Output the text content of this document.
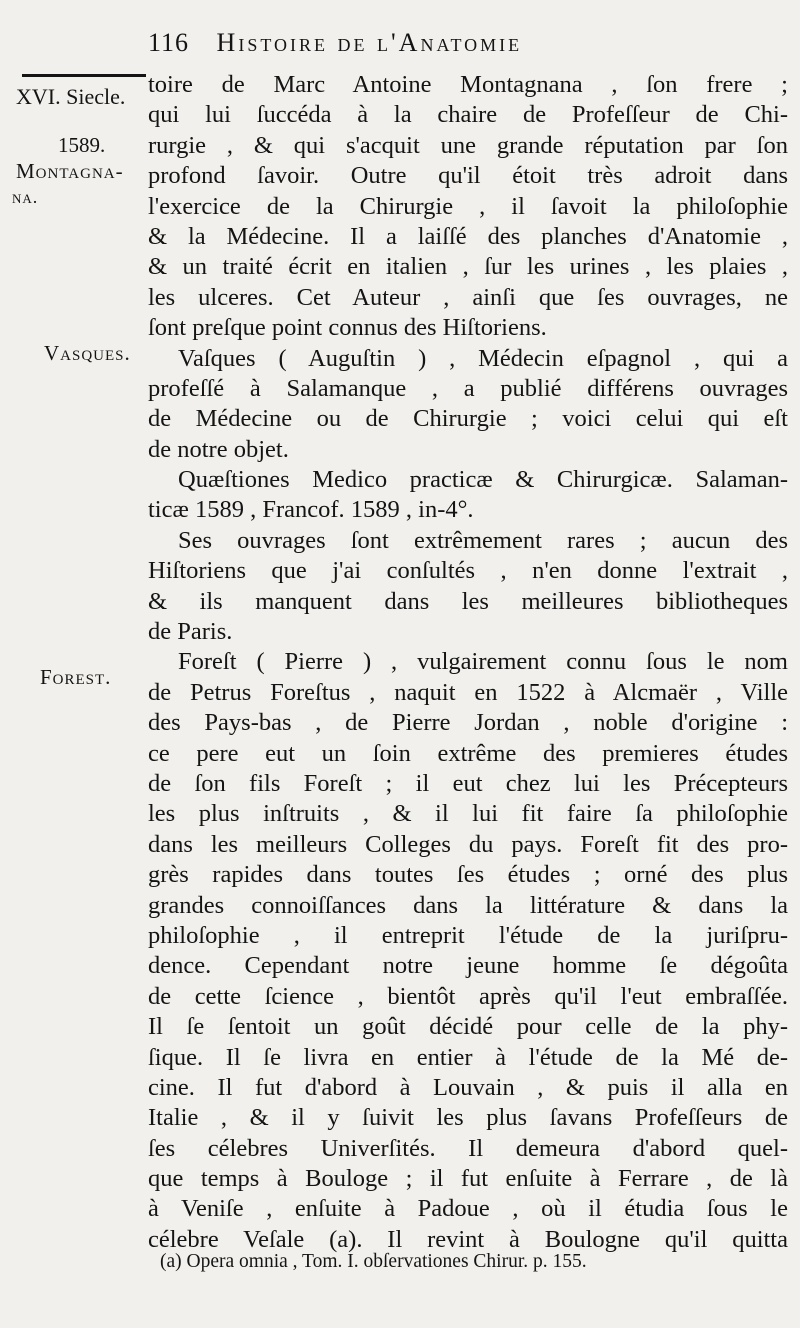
116 Histoire de l'Anatomie
XVI. Siecle.
1589.
Montagna-
na.
Vasques.
Forest.
toire de Marc Antoine Montagnana , ſon frere ;
qui lui ſuccéda à la chaire de Profeſſeur de Chi-
rurgie , & qui s'acquit une grande réputation par ſon
profond ſavoir. Outre qu'il étoit très adroit dans
l'exercice de la Chirurgie , il ſavoit la philoſophie
& la Médecine. Il a laiſſé des planches d'Anatomie ,
& un traité écrit en italien , ſur les urines , les plaies ,
les ulceres. Cet Auteur , ainſi que ſes ouvrages, ne
ſont preſque point connus des Hiſtoriens.
Vaſques ( Auguſtin ) , Médecin eſpagnol , qui a
profeſſé à Salamanque , a publié différens ouvrages
de Médecine ou de Chirurgie ; voici celui qui eſt
de notre objet.
Quæſtiones Medico practicæ & Chirurgicæ. Salaman-
ticæ 1589 , Francof. 1589 , in-4°.
Ses ouvrages ſont extrêmement rares ; aucun des
Hiſtoriens que j'ai conſultés , n'en donne l'extrait ,
& ils manquent dans les meilleures bibliotheques
de Paris.
Foreſt ( Pierre ) , vulgairement connu ſous le nom
de Petrus Foreſtus , naquit en 1522 à Alcmaër , Ville
des Pays-bas , de Pierre Jordan , noble d'origine :
ce pere eut un ſoin extrême des premieres études
de ſon fils Foreſt ; il eut chez lui les Précepteurs
les plus inſtruits , & il lui fit faire ſa philoſophie
dans les meilleurs Colleges du pays. Foreſt fit des pro-
grès rapides dans toutes ſes études ; orné des plus
grandes connoiſſances dans la littérature & dans la
philoſophie , il entreprit l'étude de la juriſpru-
dence. Cependant notre jeune homme ſe dégoûta
de cette ſcience , bientôt après qu'il l'eut embraſſée.
Il ſe ſentoit un goût décidé pour celle de la phy-
ſique. Il ſe livra en entier à l'étude de la Mé de-
cine. Il fut d'abord à Louvain , & puis il alla en
Italie , & il y ſuivit les plus ſavans Profeſſeurs de
ſes célebres Univerſités. Il demeura d'abord quel-
que temps à Bouloge ; il fut enſuite à Ferrare , de là
à Veniſe , enſuite à Padoue , où il étudia ſous le
célebre Veſale (a). Il revint à Boulogne qu'il quitta
(a) Opera omnia , Tom. I. obſervationes Chirur. p. 155.
